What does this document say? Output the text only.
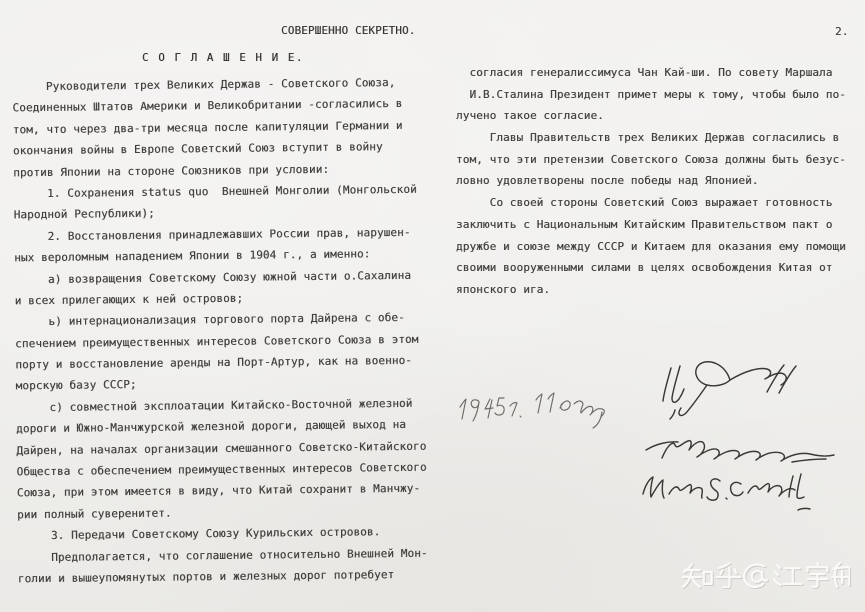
СОВЕРШЕННО СЕКРЕТНО.
С О Г Л А Ш Е Н И Е.
Руководители трех Великих Держав - Советского Союза,
Соединенных Штатов Америки и Великобритании -согласились в
том, что через два-три месяца после капитуляции Германии и
окончания войны в Европе Советский Союз вступит в войну
против Японии на стороне Союзников при условии:
1. Сохранения status quo  Внешней Монголии (Монгольской
Народной Республики);
2. Восстановления принадлежавших России прав, нарушен-
ных вероломным нападением Японии в 1904 г., а именно:
а) возвращения Советскому Союзу южной части о.Сахалина
и всех прилегающих к ней островов;
ь) интернационализация торгового порта Дайрена с обе-
спечением преимущественных интересов Советского Союза в этом
порту и восстановление аренды на Порт-Артур, как на военно-
морскую базу СССР;
с) совместной эксплоатации Китайско-Восточной железной
дороги и Южно-Манчжурской железной дороги, дающей выход на
Дайрен, на началах организации смешанного Советско-Китайского
Общества с обеспечением преимущественных интересов Советского
Союза, при этом имеется в виду, что Китай сохранит в Манчжу-
рии полный суверенитет.
3. Передачи Советскому Союзу Курильских островов.
Предполагается, что соглашение относительно Внешней Мон-
голии и вышеупомянутых портов и железных дорог потребует
2.
согласия генералиссимуса Чан Кай-ши. По совету Маршала
И.В.Сталина Президент примет меры к тому, чтобы было по-
лучено такое согласие.
Главы Правительств трех Великих Держав согласились в
том, что эти претензии Советского Союза должны быть безус-
ловно удовлетворены после победы над Японией.
Со своей стороны Советский Союз выражает готовность
заключить с Национальным Китайским Правительством пакт о
дружбе и союзе между СССР и Китаем для оказания ему помощи
своими вооруженными силами в целях освобождения Китая от
японского ига.
